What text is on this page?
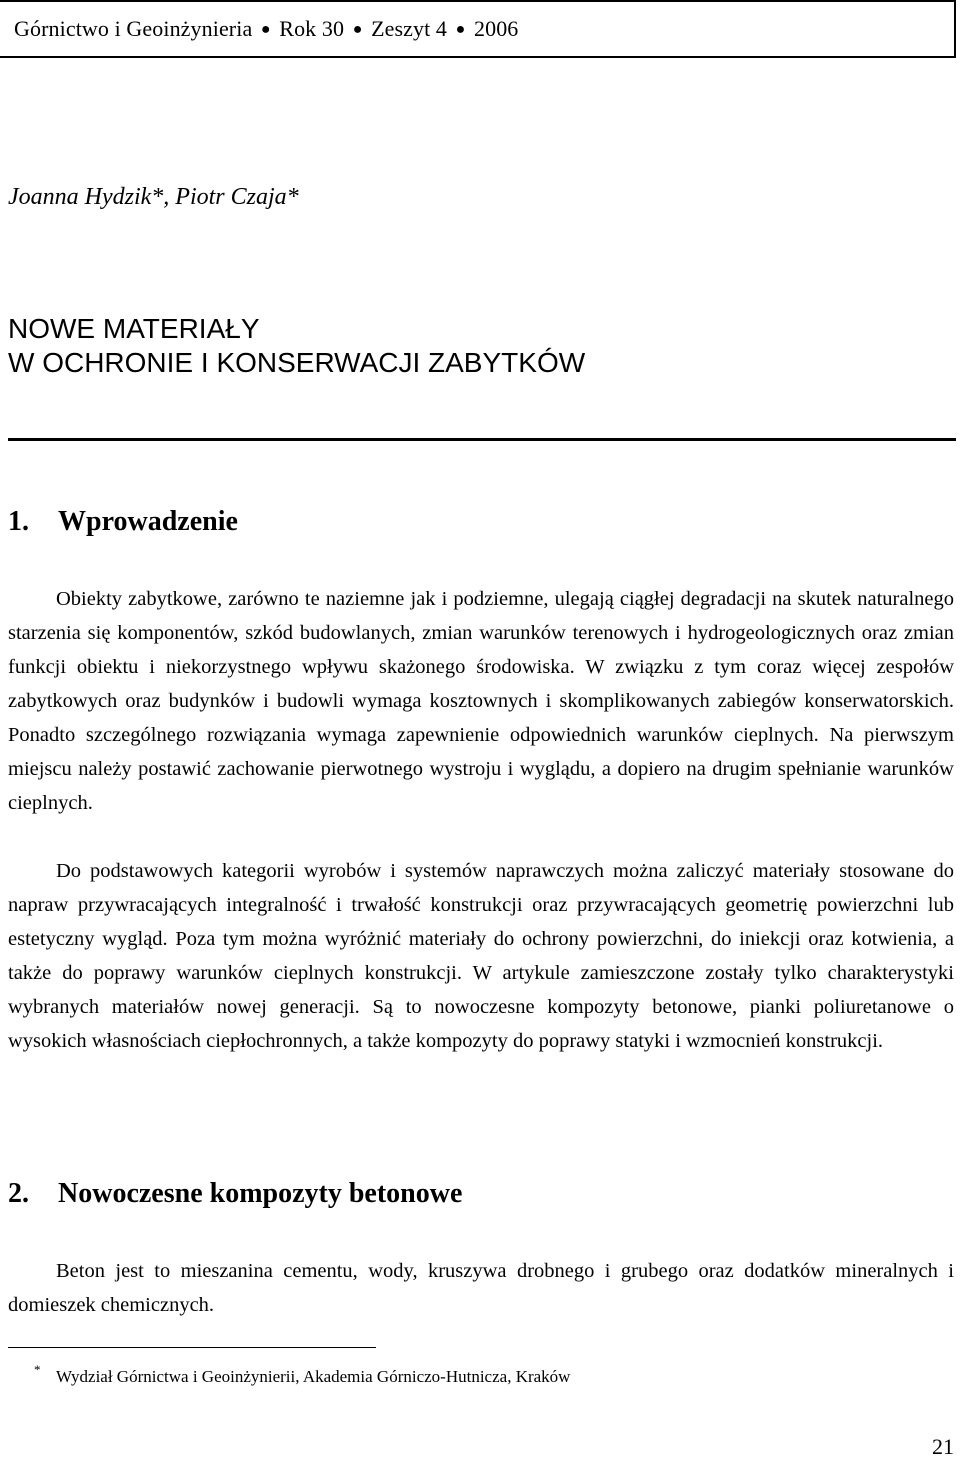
Górnictwo i Geoinżynieria ● Rok 30 ● Zeszyt 4 ● 2006
Joanna Hydzik*, Piotr Czaja*
NOWE MATERIAŁY
W OCHRONIE I KONSERWACJI ZABYTKÓW
1. Wprowadzenie

Obiekty zabytkowe, zarówno te naziemne jak i podziemne, ulegają ciągłej degradacji na skutek naturalnego starzenia się komponentów, szkód budowlanych, zmian warunków terenowych i hydrogeologicznych oraz zmian funkcji obiektu i niekorzystnego wpływu skażonego środowiska. W związku z tym coraz więcej zespołów zabytkowych oraz budynków i budowli wymaga kosztownych i skomplikowanych zabiegów konserwatorskich. Ponadto szczególnego rozwiązania wymaga zapewnienie odpowiednich warunków cieplnych. Na pierwszym miejscu należy postawić zachowanie pierwotnego wystroju i wyglądu, a dopiero na drugim spełnianie warunków cieplnych.

Do podstawowych kategorii wyrobów i systemów naprawczych można zaliczyć materiały stosowane do napraw przywracających integralność i trwałość konstrukcji oraz przywracających geometrię powierzchni lub estetyczny wygląd. Poza tym można wyróżnić materiały do ochrony powierzchni, do iniekcji oraz kotwienia, a także do poprawy warunków cieplnych konstrukcji. W artykule zamieszczone zostały tylko charakterystyki wybranych materiałów nowej generacji. Są to nowoczesne kompozyty betonowe, pianki poliuretanowe o wysokich własnościach ciepłochronnych, a także kompozyty do poprawy statyki i wzmocnień konstrukcji.

2. Nowoczesne kompozyty betonowe

Beton jest to mieszanina cementu, wody, kruszywa drobnego i grubego oraz dodatków mineralnych i domieszek chemicznych.

* Wydział Górnictwa i Geoinżynierii, Akademia Górniczo-Hutnicza, Kraków
21
